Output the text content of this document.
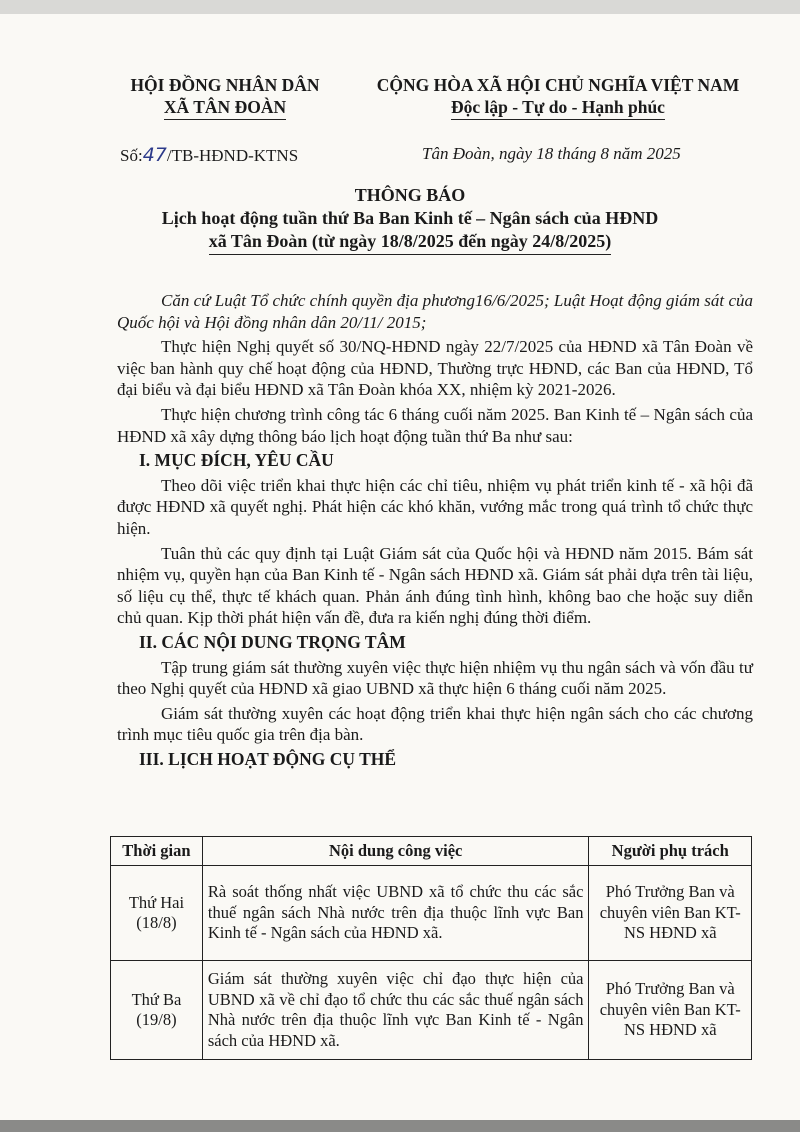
HỘI ĐỒNG NHÂN DÂN
XÃ TÂN ĐOÀN
CỘNG HÒA XÃ HỘI CHỦ NGHĨA VIỆT NAM
Độc lập - Tự do - Hạnh phúc
Số:47/TB-HĐND-KTNS	Tân Đoàn, ngày 18 tháng 8 năm 2025
THÔNG BÁO
Lịch hoạt động tuần thứ Ba Ban Kinh tế – Ngân sách của HĐND
xã Tân Đoàn (từ ngày 18/8/2025 đến ngày 24/8/2025)

Căn cứ Luật Tổ chức chính quyền địa phương16/6/2025; Luật Hoạt động giám sát của Quốc hội và Hội đồng nhân dân 20/11/ 2015;

Thực hiện Nghị quyết số 30/NQ-HĐND ngày 22/7/2025 của HĐND xã Tân Đoàn về việc ban hành quy chế hoạt động của HĐND, Thường trực HĐND, các Ban của HĐND, Tổ đại biểu và đại biểu HĐND xã Tân Đoàn khóa XX, nhiệm kỳ 2021-2026.

Thực hiện chương trình công tác 6 tháng cuối năm 2025. Ban Kinh tế – Ngân sách của HĐND xã xây dựng thông báo lịch hoạt động tuần thứ Ba như sau:

I. MỤC ĐÍCH, YÊU CẦU

Theo dõi việc triển khai thực hiện các chỉ tiêu, nhiệm vụ phát triển kinh tế - xã hội đã được HĐND xã quyết nghị. Phát hiện các khó khăn, vướng mắc trong quá trình tổ chức thực hiện.

Tuân thủ các quy định tại Luật Giám sát của Quốc hội và HĐND năm 2015. Bám sát nhiệm vụ, quyền hạn của Ban Kinh tế - Ngân sách HĐND xã. Giám sát phải dựa trên tài liệu, số liệu cụ thể, thực tế khách quan. Phản ánh đúng tình hình, không bao che hoặc suy diễn chủ quan. Kịp thời phát hiện vấn đề, đưa ra kiến nghị đúng thời điểm.

II. CÁC NỘI DUNG TRỌNG TÂM

Tập trung giám sát thường xuyên việc thực hiện nhiệm vụ thu ngân sách và vốn đầu tư theo Nghị quyết của HĐND xã giao UBND xã thực hiện 6 tháng cuối năm 2025.

Giám sát thường xuyên các hoạt động triển khai thực hiện ngân sách cho các chương trình mục tiêu quốc gia trên địa bàn.

III. LỊCH HOẠT ĐỘNG CỤ THỂ
Thời gian	Nội dung công việc	Người phụ trách

Thứ Hai
(18/8)	Rà soát thống nhất việc UBND xã tổ chức thu các sắc thuế ngân sách Nhà nước trên địa thuộc lĩnh vực Ban Kinh tế - Ngân sách của HĐND xã.	Phó Trưởng Ban và chuyên viên Ban KT-NS HĐND xã

Thứ Ba
(19/8)	Giám sát thường xuyên việc chỉ đạo thực hiện của UBND xã về chỉ đạo tổ chức thu các sắc thuế ngân sách Nhà nước trên địa thuộc lĩnh vực Ban Kinh tế - Ngân sách của HĐND xã.	Phó Trưởng Ban và chuyên viên Ban KT-NS HĐND xã
